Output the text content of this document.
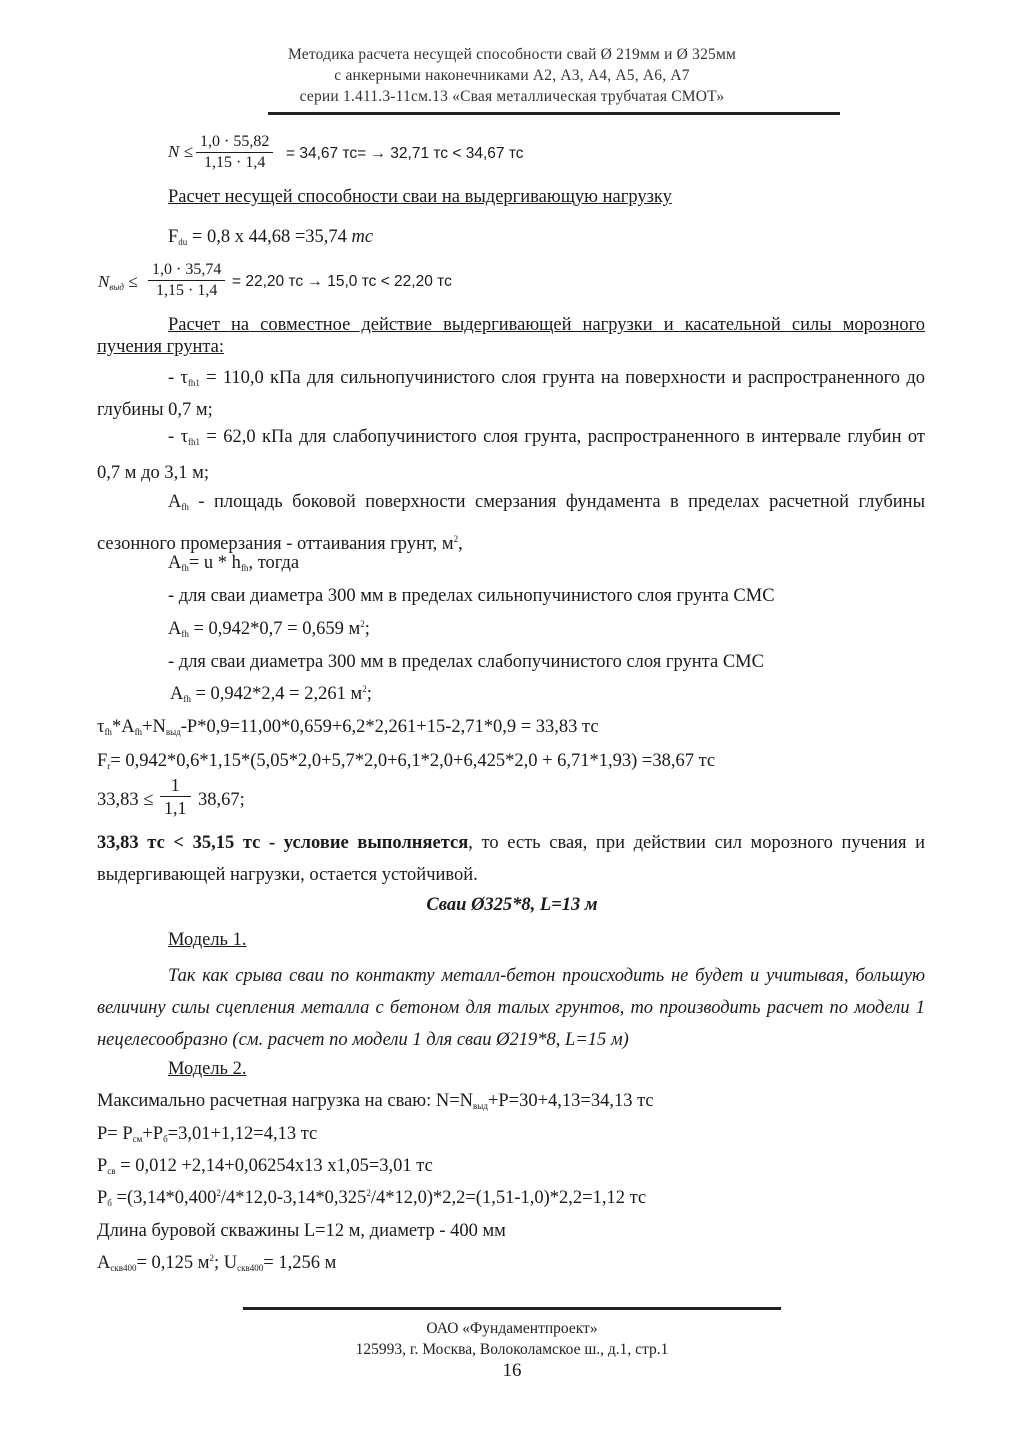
Методика расчета несущей способности свай Ø 219мм и Ø 325мм
с анкерными наконечниками А2, А3, А4, А5, А6, А7
серии 1.411.3-11см.13 «Свая металлическая трубчатая СМОТ»
$N \le \frac{1,0 \cdot 55,82}{1,15 \cdot 1,4} = 34,67$ тс= → 32,71 тс < 34,67 тс
Расчет несущей способности сваи на выдергивающую нагрузку
$F_{du} = 0,8$ х 44,68 =35,74 тс
$N_{выд} \le \frac{1,0 \cdot 35,74}{1,15 \cdot 1,4} = 22,20$ тс → 15,0 тс < 22,20 тс
Расчет на совместное действие выдергивающей нагрузки и касательной силы морозного пучения грунта:
- $\tau_{fh1} = 110,0$ кПа для сильнопучинистого слоя грунта на поверхности и распространенного до глубины 0,7 м;
- $\tau_{fh1} = 62,0$ кПа для слабопучинистого слоя грунта, распространенного в интервале глубин от 0,7 м до 3,1 м;
$A_{fh}$ - площадь боковой поверхности смерзания фундамента в пределах расчетной глубины сезонного промерзания - оттаивания грунт, $м^2$,
$A_{fh}= u * h_{fh}$, тогда
- для сваи диаметра 300 мм в пределах сильнопучинистого слоя грунта СМС
$A_{fh} = 0,942*0,7 = 0,659$ $м^2$;
- для сваи диаметра 300 мм в пределах слабопучинистого слоя грунта СМС
$A_{fh} = 0,942*2,4 = 2,261$ $м^2$;
$\tau_{fh}*A_{fh}+N_{выд}-P*0,9=11,00*0,659+6,2*2,261+15-2,71*0,9 = 33,83$ тс
$F_r= 0,942*0,6*1,15*(5,05*2,0+5,7*2,0+6,1*2,0+6,425*2,0 + 6,71*1,93) =38,67$ тс
$33,83 \le \frac{1}{1,1} 38,67$;
33,83 тс < 35,15 тс - условие выполняется, то есть свая, при действии сил морозного пучения и выдергивающей нагрузки, остается устойчивой.
Сваи Ø325*8, L=13 м
Модель 1.
Так как срыва сваи по контакту металл-бетон происходить не будет и учитывая, большую величину силы сцепления металла с бетоном для талых грунтов, то производить расчет по модели 1 нецелесообразно (см. расчет по модели 1 для сваи Ø219*8, L=15 м)
Модель 2.
Максимально расчетная нагрузка на сваю: $N=N_{выд}+P=30+4,13=34,13$ тс
$P= P_{см}+P_б=3,01+1,12=4,13$ тс
$P_{св} = 0,012 +2,14+0,06254х13$ х1,05=3,01 тс
$P_б =(3,14*0,400^2/4*12,0-3,14*0,325^2/4*12,0)*2,2=(1,51-1,0)*2,2=1,12$ тс
Длина буровой скважины L=12 м, диаметр - 400 мм
$A_{скв400}= 0,125$ $м^2$; $U_{скв400}= 1,256$ м
ОАО «Фундаментпроект»
125993, г. Москва, Волоколамское ш., д.1, стр.1
16
